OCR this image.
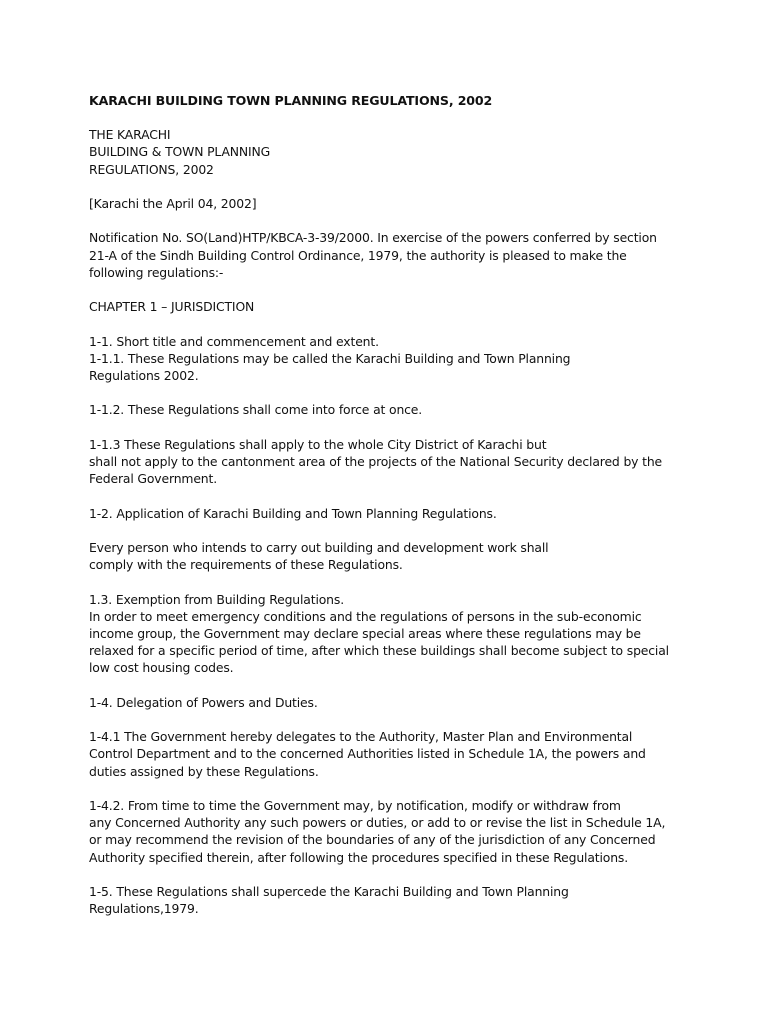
KARACHI BUILDING TOWN PLANNING REGULATIONS, 2002
THE KARACHI
BUILDING & TOWN PLANNING
REGULATIONS, 2002
[Karachi the April 04, 2002]
Notification No. SO(Land)HTP/KBCA-3-39/2000. In exercise of the powers conferred by section
21-A of the Sindh Building Control Ordinance, 1979, the authority is pleased to make the
following regulations:-
CHAPTER 1 – JURISDICTION
1-1. Short title and commencement and extent.
1-1.1. These Regulations may be called the Karachi Building and Town Planning
Regulations 2002.
1-1.2. These Regulations shall come into force at once.
1-1.3 These Regulations shall apply to the whole City District of Karachi but
shall not apply to the cantonment area of the projects of the National Security declared by the
Federal Government.
1-2. Application of Karachi Building and Town Planning Regulations.
Every person who intends to carry out building and development work shall
comply with the requirements of these Regulations.
1.3. Exemption from Building Regulations.
In order to meet emergency conditions and the regulations of persons in the sub-economic
income group, the Government may declare special areas where these regulations may be
relaxed for a specific period of time, after which these buildings shall become subject to special
low cost housing codes.
1-4. Delegation of Powers and Duties.
1-4.1 The Government hereby delegates to the Authority, Master Plan and Environmental
Control Department and to the concerned Authorities listed in Schedule 1A, the powers and
duties assigned by these Regulations.
1-4.2. From time to time the Government may, by notification, modify or withdraw from
any Concerned Authority any such powers or duties, or add to or revise the list in Schedule 1A,
or may recommend the revision of the boundaries of any of the jurisdiction of any Concerned
Authority specified therein, after following the procedures specified in these Regulations.
1-5. These Regulations shall supercede the Karachi Building and Town Planning
Regulations,1979.
